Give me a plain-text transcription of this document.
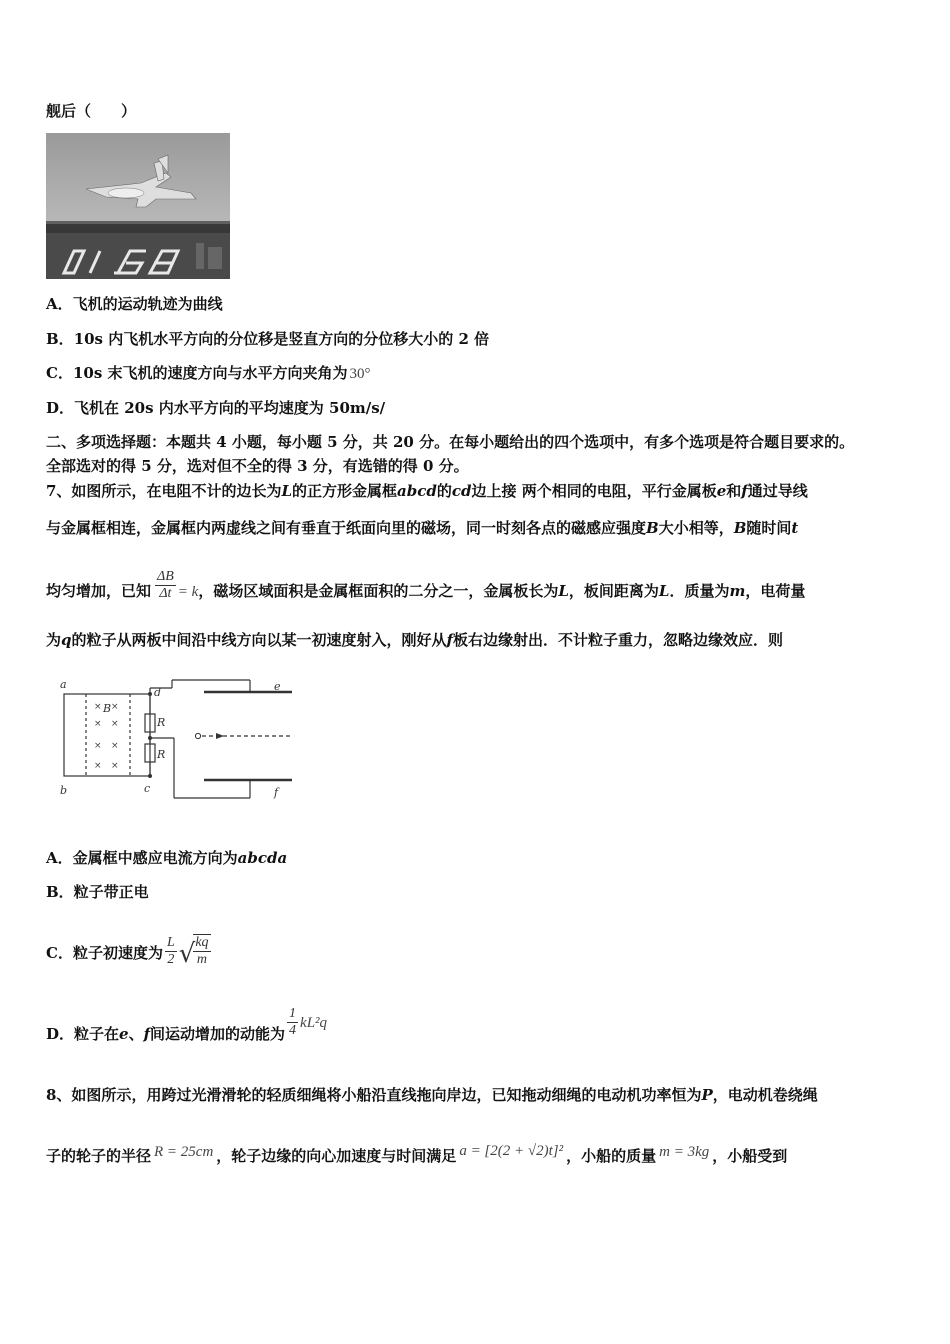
舰后（　　）
A．飞机的运动轨迹为曲线
B．10s 内飞机水平方向的分位移是竖直方向的分位移大小的 2 倍
C．10s 末飞机的速度方向与水平方向夹角为 30°
D．飞机在 20s 内水平方向的平均速度为 50m/s/
二、多项选择题：本题共 4 小题，每小题 5 分，共 20 分。在每小题给出的四个选项中，有多个选项是符合题目要求的。
全部选对的得 5 分，选对但不全的得 3 分，有选错的得 0 分。
7、如图所示，在电阻不计的边长为L的正方形金属框abcd的cd边上接 两个相同的电阻，平行金属板e和f通过导线
与金属框相连，金属框内两虚线之间有垂直于纸面向里的磁场，同一时刻各点的磁感应强度B大小相等，B随时间t
均匀增加，已知 $\frac{\Delta B}{\Delta t} = k$，磁场区域面积是金属框面积的二分之一，金属板长为L，板间距离为L．质量为m，电荷量
为q的粒子从两板中间沿中线方向以某一初速度射入，刚好从f板右边缘射出．不计粒子重力，忽略边缘效应．则
a
b	c
d	e
f
B
R
R
× ×
× ×
× ×
× ×
A．金属框中感应电流方向为abcda
B．粒子带正电
C．粒子初速度为 $\frac{L}{2}$ √
$\frac{kq}{m}$
D．粒子在e、f间运动增加的动能为 $\frac{1}{4} kL^2q$
8、如图所示，用跨过光滑滑轮的轻质细绳将小船沿直线拖向岸边，已知拖动细绳的电动机功率恒为P，电动机卷绕绳
子的轮子的半径 R = 25cm ，轮子边缘的向心加速度与时间满足 a = [2(2 + √2)t]² ，小船的质量 m = 3kg ，小船受到
